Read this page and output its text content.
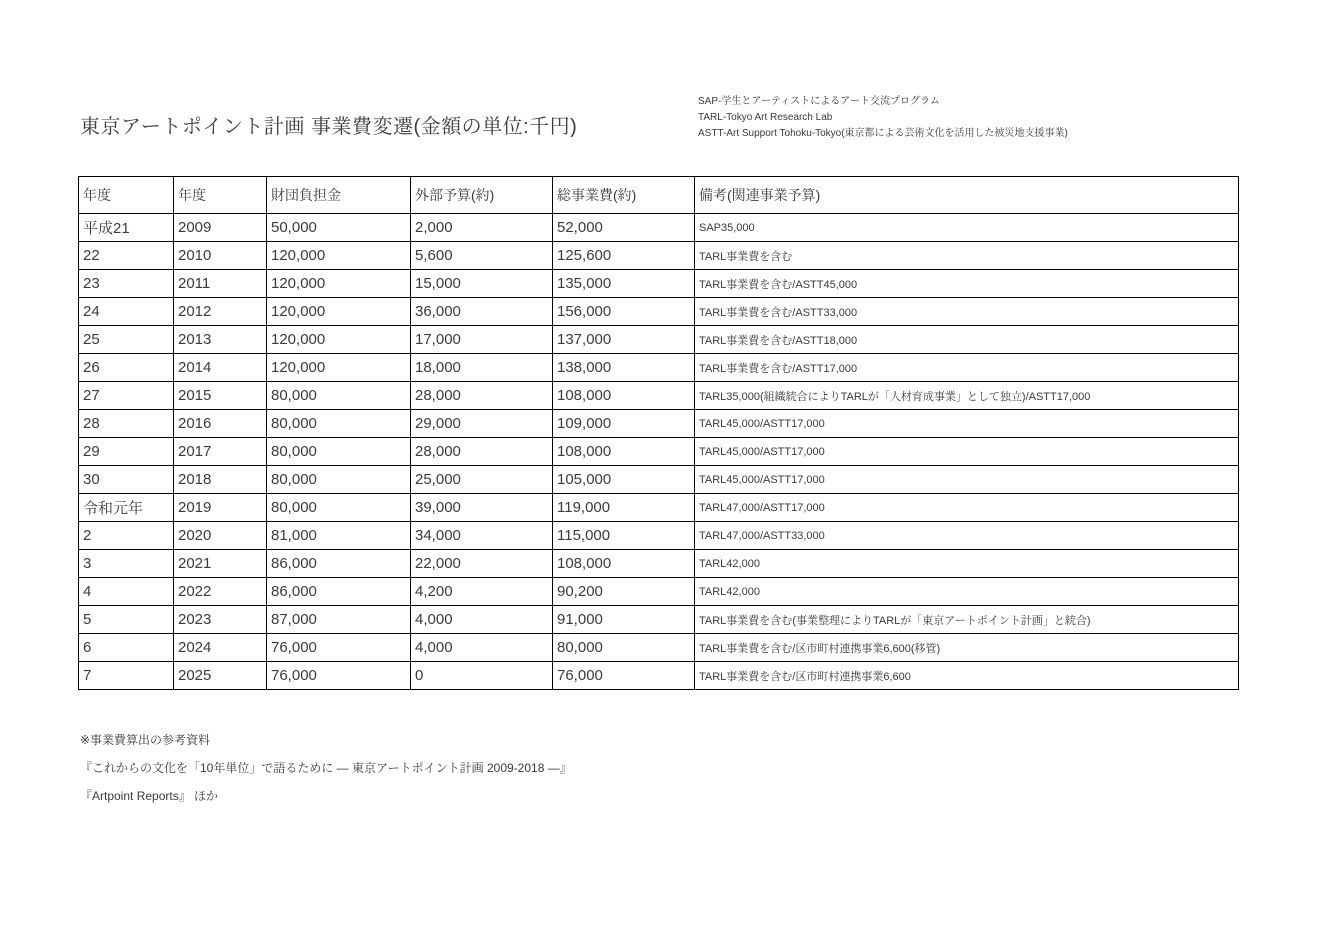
東京アートポイント計画 事業費変遷(金額の単位:千円)
SAP-学生とアーティストによるアート交流プログラム
TARL-Tokyo Art Research Lab
ASTT-Art Support Tohoku-Tokyo(東京都による芸術文化を活用した被災地支援事業)
年度	年度	財団負担金	外部予算(約)	総事業費(約)	備考(関連事業予算)
平成21	2009	50,000	2,000	52,000	SAP35,000
22	2010	120,000	5,600	125,600	TARL事業費を含む
23	2011	120,000	15,000	135,000	TARL事業費を含む/ASTT45,000
24	2012	120,000	36,000	156,000	TARL事業費を含む/ASTT33,000
25	2013	120,000	17,000	137,000	TARL事業費を含む/ASTT18,000
26	2014	120,000	18,000	138,000	TARL事業費を含む/ASTT17,000
27	2015	80,000	28,000	108,000	TARL35,000(組織統合によりTARLが「人材育成事業」として独立)/ASTT17,000
28	2016	80,000	29,000	109,000	TARL45,000/ASTT17,000
29	2017	80,000	28,000	108,000	TARL45,000/ASTT17,000
30	2018	80,000	25,000	105,000	TARL45,000/ASTT17,000
令和元年	2019	80,000	39,000	119,000	TARL47,000/ASTT17,000
2	2020	81,000	34,000	115,000	TARL47,000/ASTT33,000
3	2021	86,000	22,000	108,000	TARL42,000
4	2022	86,000	4,200	90,200	TARL42,000
5	2023	87,000	4,000	91,000	TARL事業費を含む(事業整理によりTARLが「東京アートポイント計画」と統合)
6	2024	76,000	4,000	80,000	TARL事業費を含む/区市町村連携事業6,600(移管)
7	2025	76,000	0	76,000	TARL事業費を含む/区市町村連携事業6,600
※事業費算出の参考資料
『これからの文化を「10年単位」で語るために — 東京アートポイント計画 2009-2018 —』
『Artpoint Reports』 ほか
